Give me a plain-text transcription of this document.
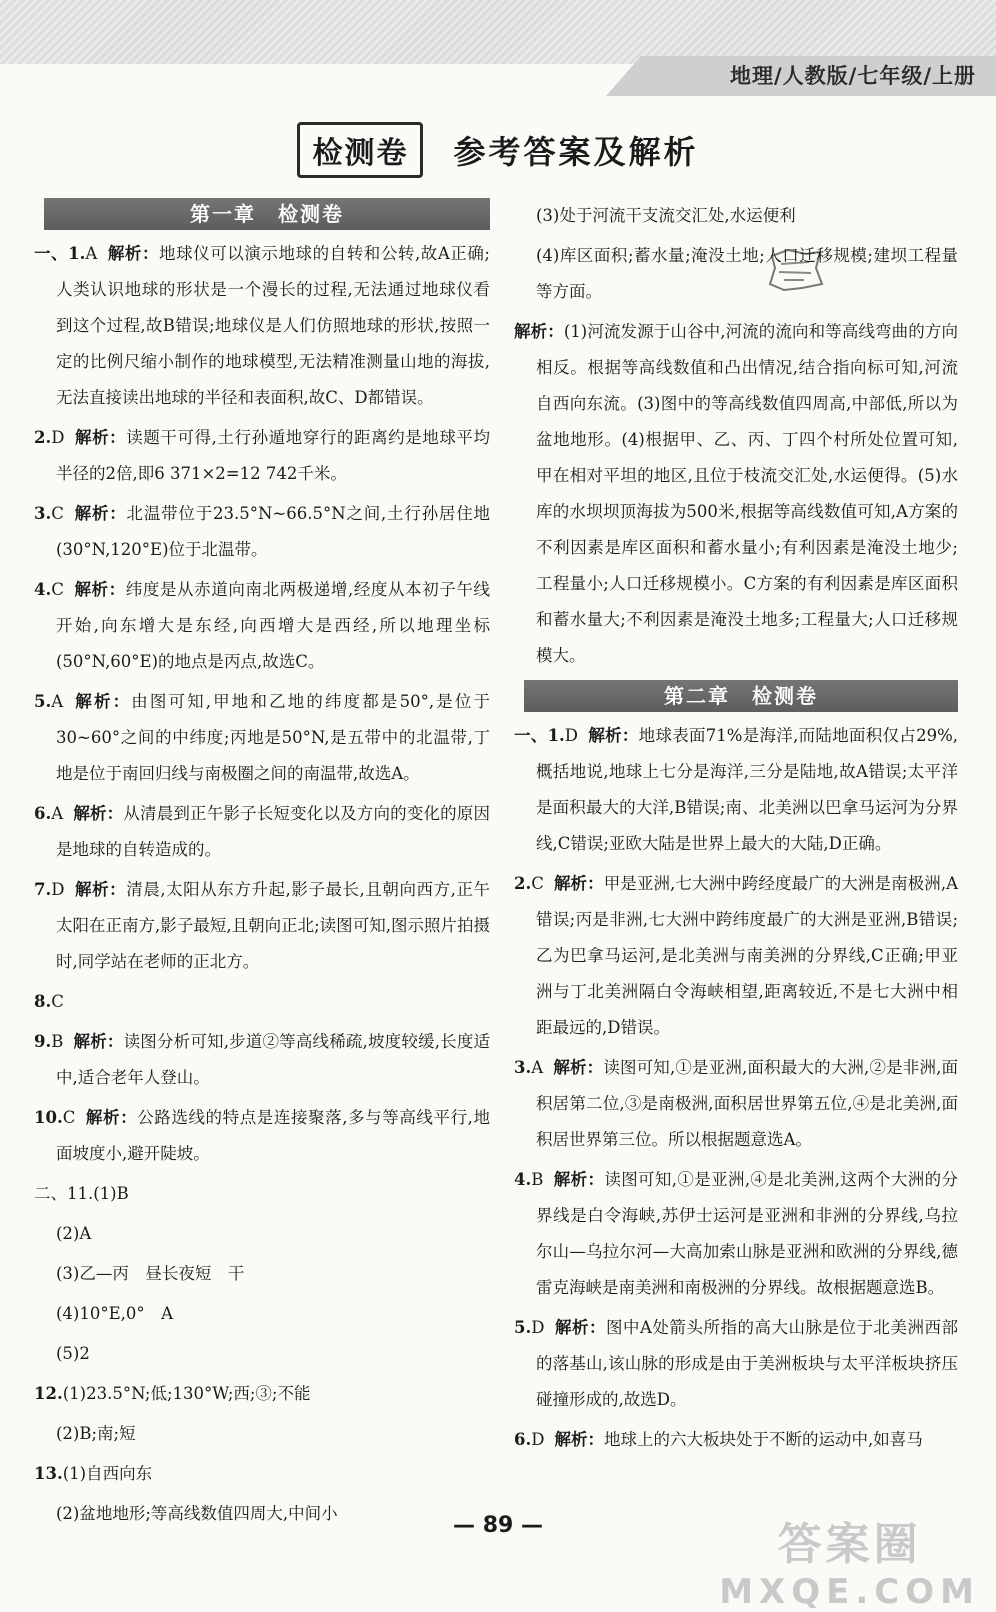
地理/人教版/七年级/上册
检测卷	参考答案及解析
第一章　检测卷
一、1.A 解析：地球仪可以演示地球的自转和公转,故A正确;人类认识地球的形状是一个漫长的过程,无法通过地球仪看到这个过程,故B错误;地球仪是人们仿照地球的形状,按照一定的比例尺缩小制作的地球模型,无法精准测量山地的海拔,无法直接读出地球的半径和表面积,故C、D都错误。
2.D 解析：读题干可得,土行孙遁地穿行的距离约是地球平均半径的2倍,即6 371×2=12 742千米。
3.C 解析：北温带位于23.5°N~66.5°N之间,土行孙居住地(30°N,120°E)位于北温带。
4.C 解析：纬度是从赤道向南北两极递增,经度从本初子午线开始,向东增大是东经,向西增大是西经,所以地理坐标(50°N,60°E)的地点是丙点,故选C。
5.A 解析：由图可知,甲地和乙地的纬度都是50°,是位于30~60°之间的中纬度;丙地是50°N,是五带中的北温带,丁地是位于南回归线与南极圈之间的南温带,故选A。
6.A 解析：从清晨到正午影子长短变化以及方向的变化的原因是地球的自转造成的。
7.D 解析：清晨,太阳从东方升起,影子最长,且朝向西方,正午太阳在正南方,影子最短,且朝向正北;读图可知,图示照片拍摄时,同学站在老师的正北方。
8.C
9.B 解析：读图分析可知,步道②等高线稀疏,坡度较缓,长度适中,适合老年人登山。
10.C 解析：公路选线的特点是连接聚落,多与等高线平行,地面坡度小,避开陡坡。
二、11.(1)B
(2)A
(3)乙—丙　昼长夜短　干
(4)10°E,0°　A
(5)2
12.(1)23.5°N;低;130°W;西;③;不能
(2)B;南;短
13.(1)自西向东
(2)盆地地形;等高线数值四周大,中间小
(3)处于河流干支流交汇处,水运便利
(4)库区面积;蓄水量;淹没土地;人口迁移规模;建坝工程量等方面。
解析：(1)河流发源于山谷中,河流的流向和等高线弯曲的方向相反。根据等高线数值和凸出情况,结合指向标可知,河流自西向东流。(3)图中的等高线数值四周高,中部低,所以为盆地地形。(4)根据甲、乙、丙、丁四个村所处位置可知,甲在相对平坦的地区,且位于枝流交汇处,水运便得。(5)水库的水坝坝顶海拔为500米,根据等高线数值可知,A方案的不利因素是库区面积和蓄水量小;有利因素是淹没土地少;工程量小;人口迁移规模小。C方案的有利因素是库区面积和蓄水量大;不利因素是淹没土地多;工程量大;人口迁移规模大。
第二章　检测卷
一、1.D 解析：地球表面71%是海洋,而陆地面积仅占29%,概括地说,地球上七分是海洋,三分是陆地,故A错误;太平洋是面积最大的大洋,B错误;南、北美洲以巴拿马运河为分界线,C错误;亚欧大陆是世界上最大的大陆,D正确。
2.C 解析：甲是亚洲,七大洲中跨经度最广的大洲是南极洲,A错误;丙是非洲,七大洲中跨纬度最广的大洲是亚洲,B错误;乙为巴拿马运河,是北美洲与南美洲的分界线,C正确;甲亚洲与丁北美洲隔白令海峡相望,距离较近,不是七大洲中相距最远的,D错误。
3.A 解析：读图可知,①是亚洲,面积最大的大洲,②是非洲,面积居第二位,③是南极洲,面积居世界第五位,④是北美洲,面积居世界第三位。所以根据题意选A。
4.B 解析：读图可知,①是亚洲,④是北美洲,这两个大洲的分界线是白令海峡,苏伊士运河是亚洲和非洲的分界线,乌拉尔山—乌拉尔河—大高加索山脉是亚洲和欧洲的分界线,德雷克海峡是南美洲和南极洲的分界线。故根据题意选B。
5.D 解析：图中A处箭头所指的高大山脉是位于北美洲西部的落基山,该山脉的形成是由于美洲板块与太平洋板块挤压碰撞形成的,故选D。
6.D 解析：地球上的六大板块处于不断的运动中,如喜马
— 89 —	答案圈
MXQE.COM
